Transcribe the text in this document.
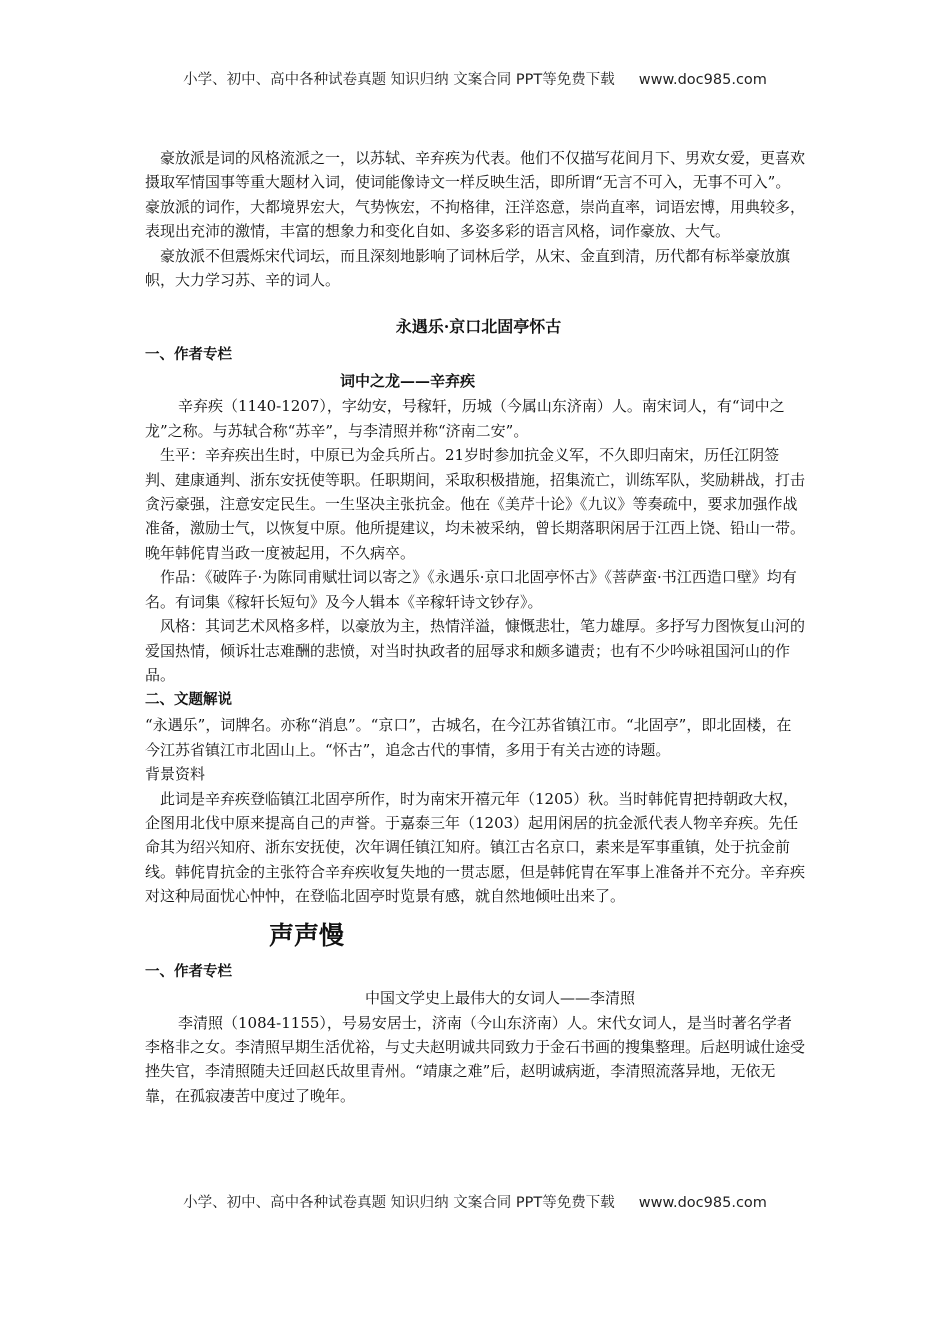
小学、初中、高中各种试卷真题 知识归纳 文案合同 PPT等免费下载 www.doc985.com

豪放派是词的风格流派之一，以苏轼、辛弃疾为代表。他们不仅描写花间月下、男欢女爱，更喜欢摄取军情国事等重大题材入词，使词能像诗文一样反映生活，即所谓“无言不可入，无事不可入”。豪放派的词作，大都境界宏大，气势恢宏，不拘格律，汪洋恣意，崇尚直率，词语宏博，用典较多，表现出充沛的激情，丰富的想象力和变化自如、多姿多彩的语言风格，词作豪放、大气。

豪放派不但震烁宋代词坛，而且深刻地影响了词林后学，从宋、金直到清，历代都有标举豪放旗帜，大力学习苏、辛的词人。

永遇乐·京口北固亭怀古

一、作者专栏

词中之龙——辛弃疾

辛弃疾（1140-1207），字幼安，号稼轩，历城（今属山东济南）人。南宋词人，有“词中之龙”之称。与苏轼合称“苏辛”，与李清照并称“济南二安”。

生平：辛弃疾出生时，中原已为金兵所占。21岁时参加抗金义军，不久即归南宋，历任江阴签判、建康通判、浙东安抚使等职。任职期间，采取积极措施，招集流亡，训练军队，奖励耕战，打击贪污豪强，注意安定民生。一生坚决主张抗金。他在《美芹十论》《九议》等奏疏中，要求加强作战准备，激励士气，以恢复中原。他所提建议，均未被采纳，曾长期落职闲居于江西上饶、铅山一带。晚年韩侂胄当政一度被起用，不久病卒。

作品：《破阵子·为陈同甫赋壮词以寄之》《永遇乐·京口北固亭怀古》《菩萨蛮·书江西造口壁》均有名。有词集《稼轩长短句》及今人辑本《辛稼轩诗文钞存》。

风格：其词艺术风格多样，以豪放为主，热情洋溢，慷慨悲壮，笔力雄厚。多抒写力图恢复山河的爱国热情，倾诉壮志难酬的悲愤，对当时执政者的屈辱求和颇多谴责；也有不少吟咏祖国河山的作品。

二、文题解说

“永遇乐”，词牌名。亦称“消息”。“京口”，古城名，在今江苏省镇江市。“北固亭”，即北固楼，在今江苏省镇江市北固山上。“怀古”，追念古代的事情，多用于有关古迹的诗题。

背景资料

此词是辛弃疾登临镇江北固亭所作，时为南宋开禧元年（1205）秋。当时韩侂胄把持朝政大权，企图用北伐中原来提高自己的声誉。于嘉泰三年（1203）起用闲居的抗金派代表人物辛弃疾。先任命其为绍兴知府、浙东安抚使，次年调任镇江知府。镇江古名京口，素来是军事重镇，处于抗金前线。韩侂胄抗金的主张符合辛弃疾收复失地的一贯志愿，但是韩侂胄在军事上准备并不充分。辛弃疾对这种局面忧心忡忡，在登临北固亭时览景有感，就自然地倾吐出来了。

声声慢

一、作者专栏

中国文学史上最伟大的女词人——李清照

李清照（1084-1155），号易安居士，济南（今山东济南）人。宋代女词人，是当时著名学者李格非之女。李清照早期生活优裕，与丈夫赵明诚共同致力于金石书画的搜集整理。后赵明诚仕途受挫失官，李清照随夫迁回赵氏故里青州。“靖康之难”后，赵明诚病逝，李清照流落异地，无依无靠，在孤寂凄苦中度过了晚年。

小学、初中、高中各种试卷真题 知识归纳 文案合同 PPT等免费下载 www.doc985.com
